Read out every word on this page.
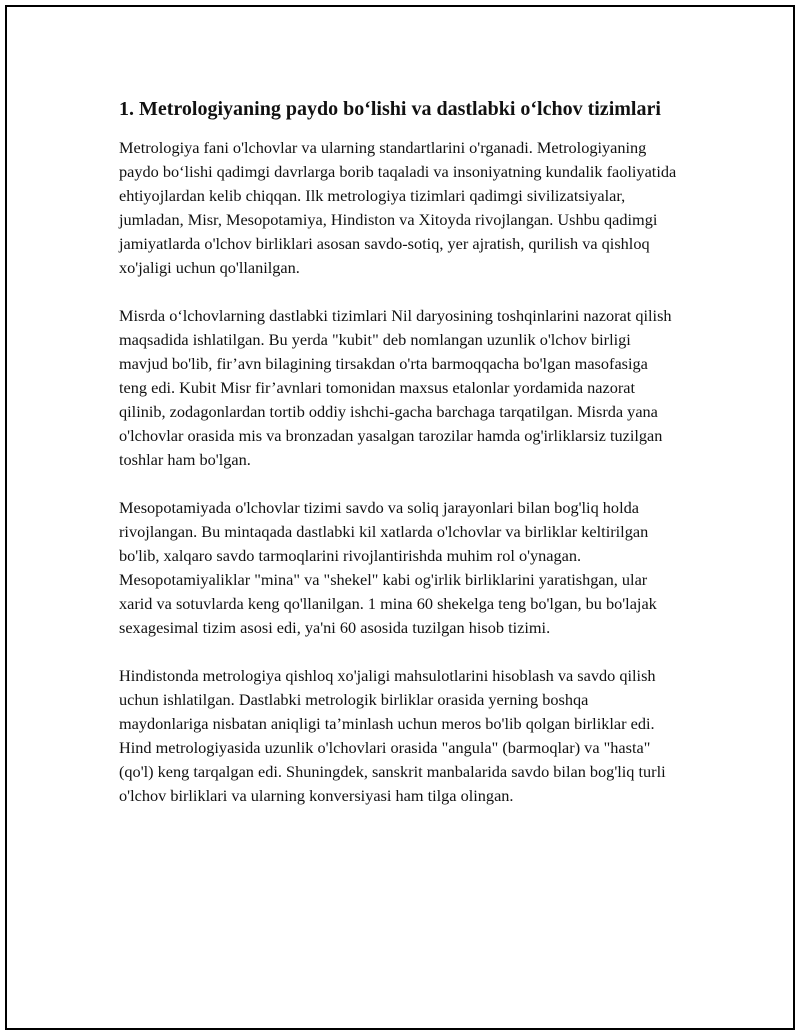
1. Metrologiyaning paydo bo‘lishi va dastlabki o‘lchov tizimlari

Metrologiya fani o'lchovlar va ularning standartlarini o'rganadi. Metrologiyaning paydo bo‘lishi qadimgi davrlarga borib taqaladi va insoniyatning kundalik faoliyatida ehtiyojlardan kelib chiqqan. Ilk metrologiya tizimlari qadimgi sivilizatsiyalar, jumladan, Misr, Mesopotamiya, Hindiston va Xitoyda rivojlangan. Ushbu qadimgi jamiyatlarda o'lchov birliklari asosan savdo-sotiq, yer ajratish, qurilish va qishloq xo'jaligi uchun qo'llanilgan.

Misrda o‘lchovlarning dastlabki tizimlari Nil daryosining toshqinlarini nazorat qilish maqsadida ishlatilgan. Bu yerda "kubit" deb nomlangan uzunlik o'lchov birligi mavjud bo'lib, fir’avn bilagining tirsakdan o'rta barmoqqacha bo'lgan masofasiga teng edi. Kubit Misr fir’avnlari tomonidan maxsus etalonlar yordamida nazorat qilinib, zodagonlardan tortib oddiy ishchi-gacha barchaga tarqatilgan. Misrda yana o'lchovlar orasida mis va bronzadan yasalgan tarozilar hamda og'irliklarsiz tuzilgan toshlar ham bo'lgan.

Mesopotamiyada o'lchovlar tizimi savdo va soliq jarayonlari bilan bog'liq holda rivojlangan. Bu mintaqada dastlabki kil xatlarda o'lchovlar va birliklar keltirilgan bo'lib, xalqaro savdo tarmoqlarini rivojlantirishda muhim rol o'ynagan. Mesopotamiyaliklar "mina" va "shekel" kabi og'irlik birliklarini yaratishgan, ular xarid va sotuvlarda keng qo'llanilgan. 1 mina 60 shekelga teng bo'lgan, bu bo'lajak sexagesimal tizim asosi edi, ya'ni 60 asosida tuzilgan hisob tizimi.

Hindistonda metrologiya qishloq xo'jaligi mahsulotlarini hisoblash va savdo qilish uchun ishlatilgan. Dastlabki metrologik birliklar orasida yerning boshqa maydonlariga nisbatan aniqligi ta’minlash uchun meros bo'lib qolgan birliklar edi. Hind metrologiyasida uzunlik o'lchovlari orasida "angula" (barmoqlar) va "hasta" (qo'l) keng tarqalgan edi. Shuningdek, sanskrit manbalarida savdo bilan bog'liq turli o'lchov birliklari va ularning konversiyasi ham tilga olingan.
